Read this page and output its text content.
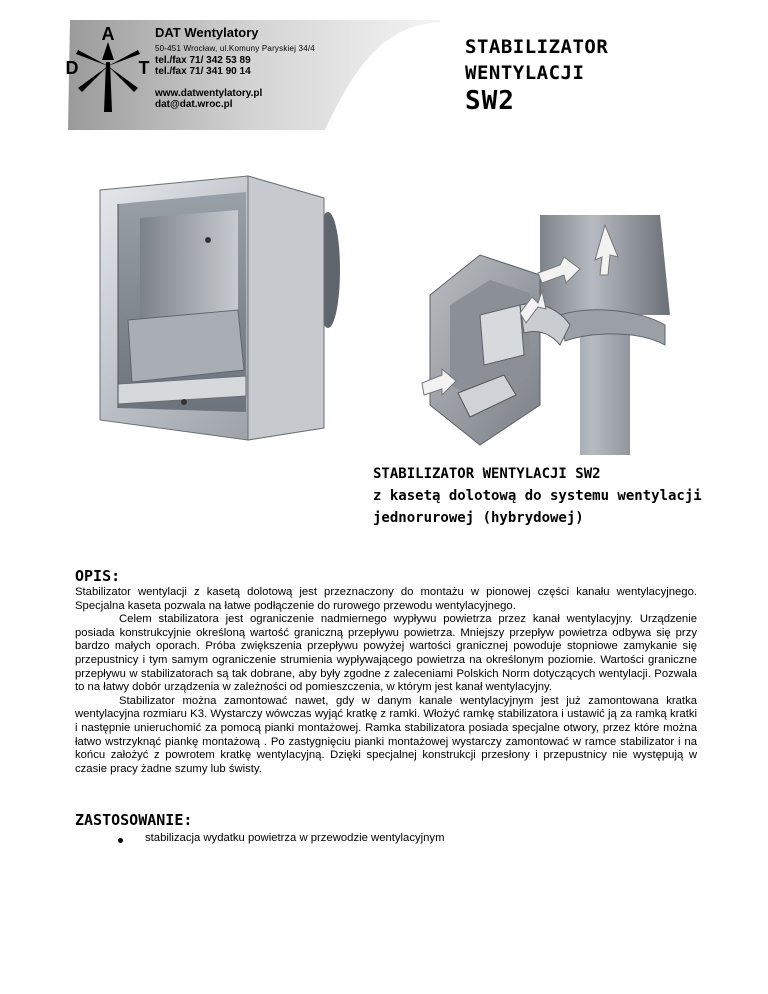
A
D	T
DAT Wentylatory
50-451 Wrocław, ul.Komuny Paryskiej 34/4
tel./fax 71/ 342 53 89
tel./fax 71/ 341 90 14
www.datwentylatory.pl
dat@dat.wroc.pl
STABILIZATOR
WENTYLACJI
SW2
STABILIZATOR WENTYLACJI SW2
z kasetą dolotową do systemu wentylacji
jednorurowej (hybrydowej)
OPIS:

Stabilizator wentylacji z kasetą dolotową jest przeznaczony do montażu w pionowej części kanału wentylacyjnego. Specjalna kaseta pozwala na łatwe podłączenie do rurowego przewodu wentylacyjnego.

Celem stabilizatora jest ograniczenie nadmiernego wypływu powietrza przez kanał wentylacyjny. Urządzenie posiada konstrukcyjnie określoną wartość graniczną przepływu powietrza. Mniejszy przepływ powietrza odbywa się przy bardzo małych oporach. Próba zwiększenia przepływu powyżej wartości granicznej powoduje stopniowe zamykanie się przepustnicy i tym samym ograniczenie strumienia wypływającego powietrza na określonym poziomie. Wartości graniczne przepływu w stabilizatorach są tak dobrane, aby były zgodne z zaleceniami Polskich Norm dotyczących wentylacji. Pozwala to na łatwy dobór urządzenia w zależności od pomieszczenia, w którym jest kanał wentylacyjny.

Stabilizator można zamontować nawet, gdy w danym kanale wentylacyjnym jest już zamontowana kratka wentylacyjna rozmiaru K3. Wystarczy wówczas wyjąć kratkę z ramki. Włożyć ramkę stabilizatora i ustawić ją za ramką kratki i następnie unieruchomić za pomocą pianki montażowej. Ramka stabilizatora posiada specjalne otwory, przez które można łatwo wstrzyknąć piankę montażową . Po zastygnięciu pianki montażowej wystarczy zamontować w ramce stabilizator i na końcu założyć z powrotem kratkę wentylacyjną. Dzięki specjalnej konstrukcji przesłony i przepustnicy nie występują w czasie pracy żadne szumy lub świsty.

ZASTOSOWANIE:
stabilizacja wydatku powietrza w przewodzie wentylacyjnym
